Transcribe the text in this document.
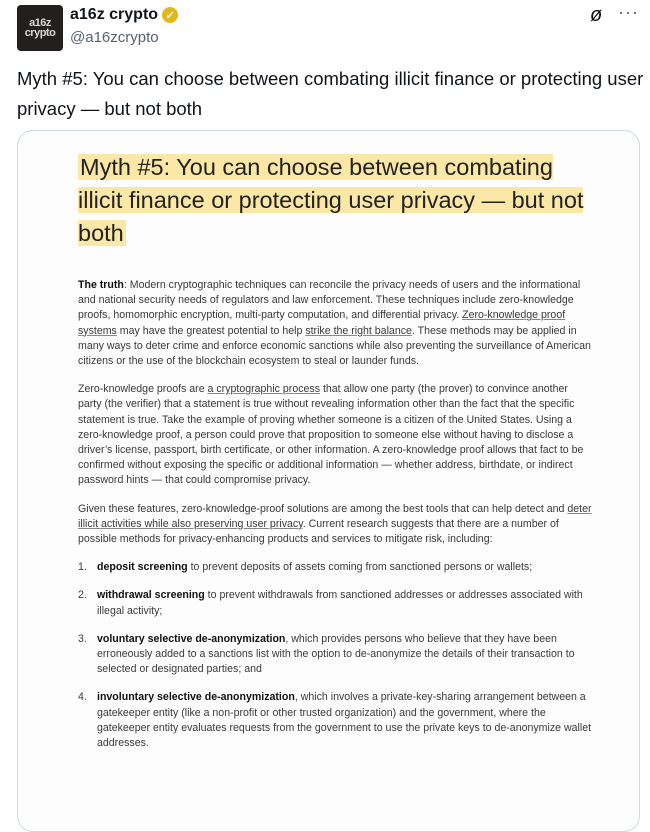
a16z crypto
a16z crypto ✓
@a16zcrypto
ø ···
Myth #5: You can choose between combating illicit finance or protecting user privacy — but not both
Myth #5: You can choose between combating illicit finance or protecting user privacy — but not both
The truth: Modern cryptographic techniques can reconcile the privacy needs of users and the informational and national security needs of regulators and law enforcement. These techniques include zero-knowledge proofs, homomorphic encryption, multi-party computation, and differential privacy. Zero-knowledge proof systems may have the greatest potential to help strike the right balance. These methods may be applied in many ways to deter crime and enforce economic sanctions while also preventing the surveillance of American citizens or the use of the blockchain ecosystem to steal or launder funds.
Zero-knowledge proofs are a cryptographic process that allow one party (the prover) to convince another party (the verifier) that a statement is true without revealing information other than the fact that the specific statement is true. Take the example of proving whether someone is a citizen of the United States. Using a zero-knowledge proof, a person could prove that proposition to someone else without having to disclose a driver’s license, passport, birth certificate, or other information. A zero-knowledge proof allows that fact to be confirmed without exposing the specific or additional information — whether address, birthdate, or indirect password hints — that could compromise privacy.
Given these features, zero-knowledge-proof solutions are among the best tools that can help detect and deter illicit activities while also preserving user privacy. Current research suggests that there are a number of possible methods for privacy-enhancing products and services to mitigate risk, including:
1. deposit screening to prevent deposits of assets coming from sanctioned persons or wallets;
2. withdrawal screening to prevent withdrawals from sanctioned addresses or addresses associated with illegal activity;
3. voluntary selective de-anonymization, which provides persons who believe that they have been erroneously added to a sanctions list with the option to de-anonymize the details of their transaction to selected or designated parties; and
4. involuntary selective de-anonymization, which involves a private-key-sharing arrangement between a gatekeeper entity (like a non-profit or other trusted organization) and the government, where the gatekeeper entity evaluates requests from the government to use the private keys to de-anonymize wallet addresses.
